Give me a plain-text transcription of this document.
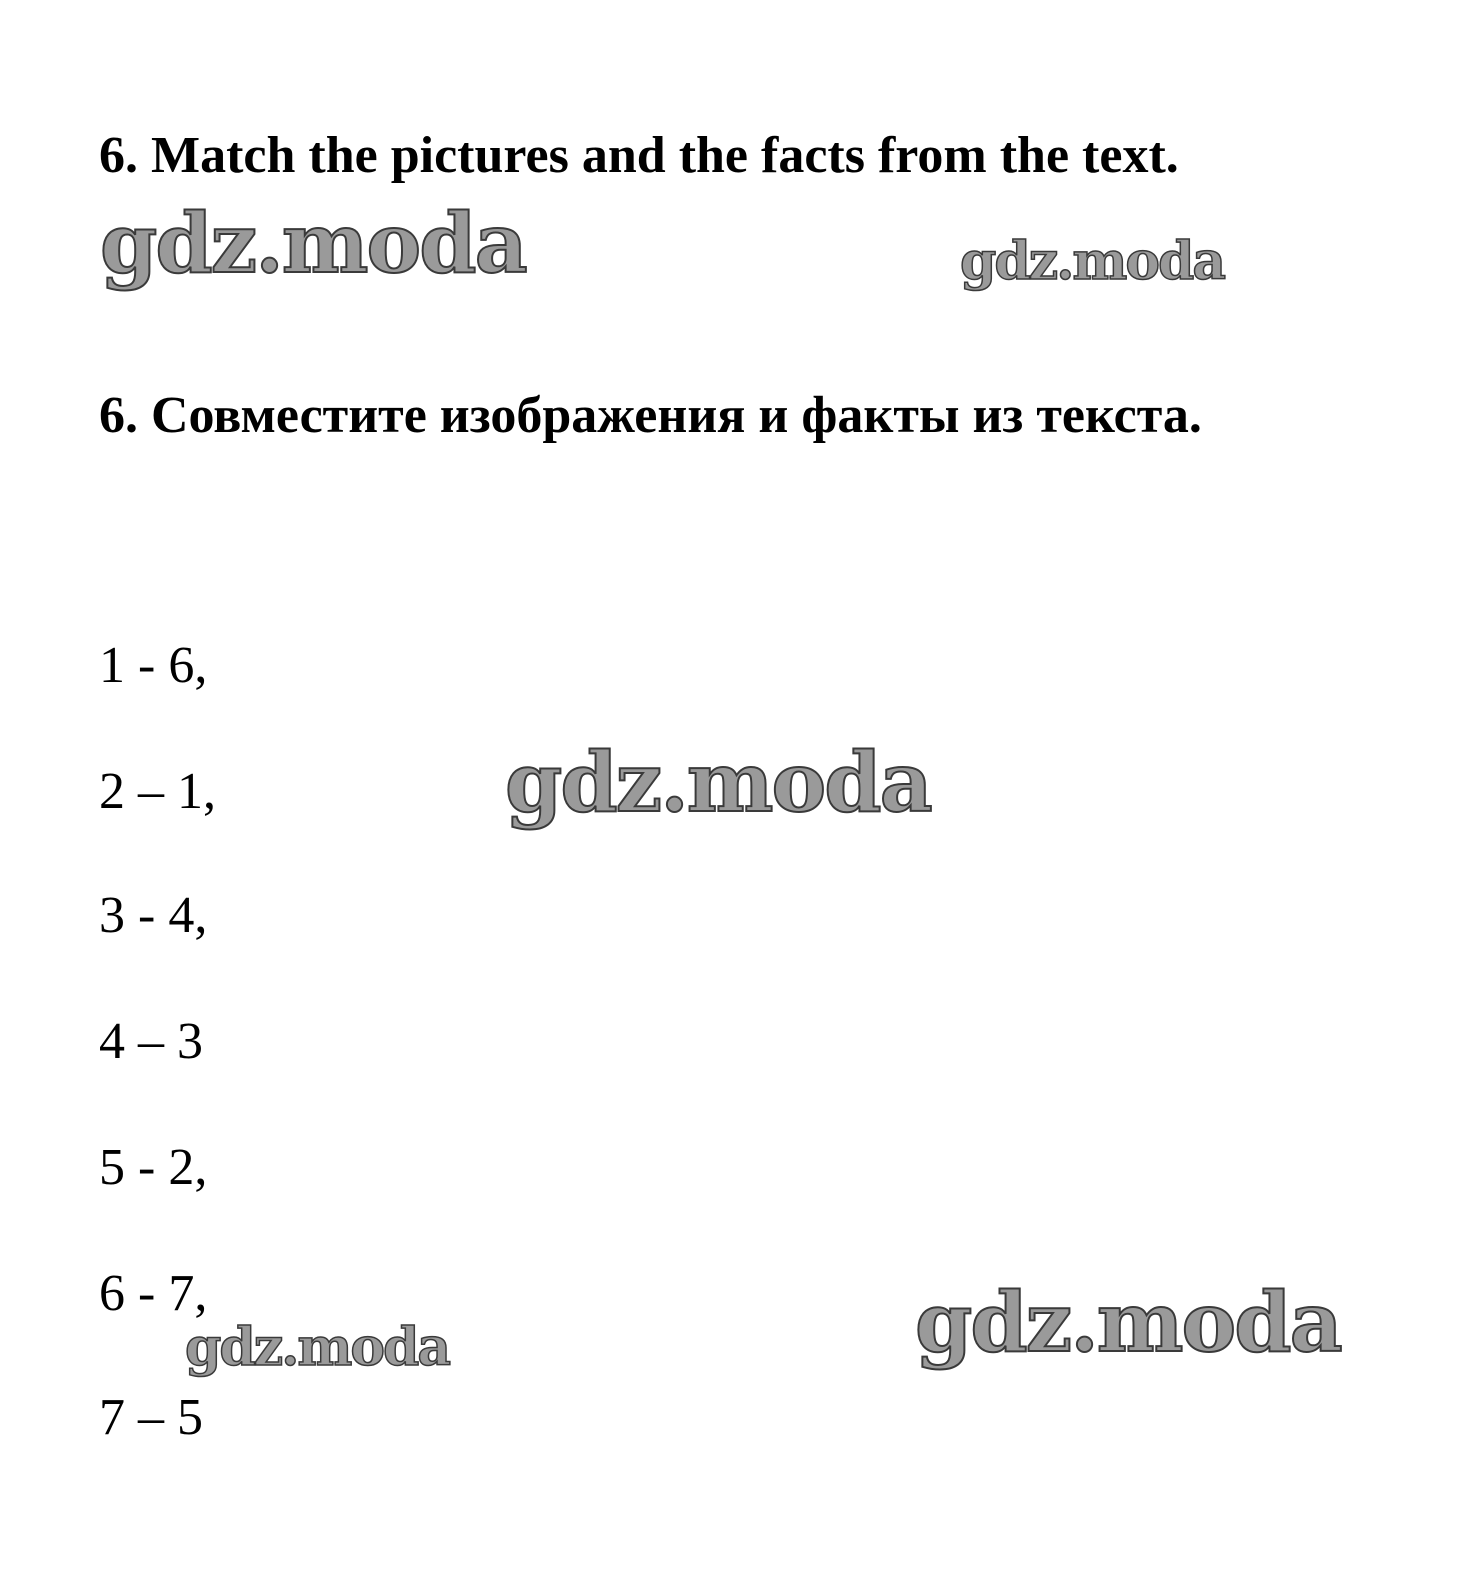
6. Match the pictures and the facts from the text.
gdz.moda	gdz.moda
6. Совместите изображения и факты из текста.

1 - 6,

2 – 1,

3 - 4,

4 – 3

5 - 2,

6 - 7,

7 – 5

gdz.moda
gdz.moda
gdz.moda
